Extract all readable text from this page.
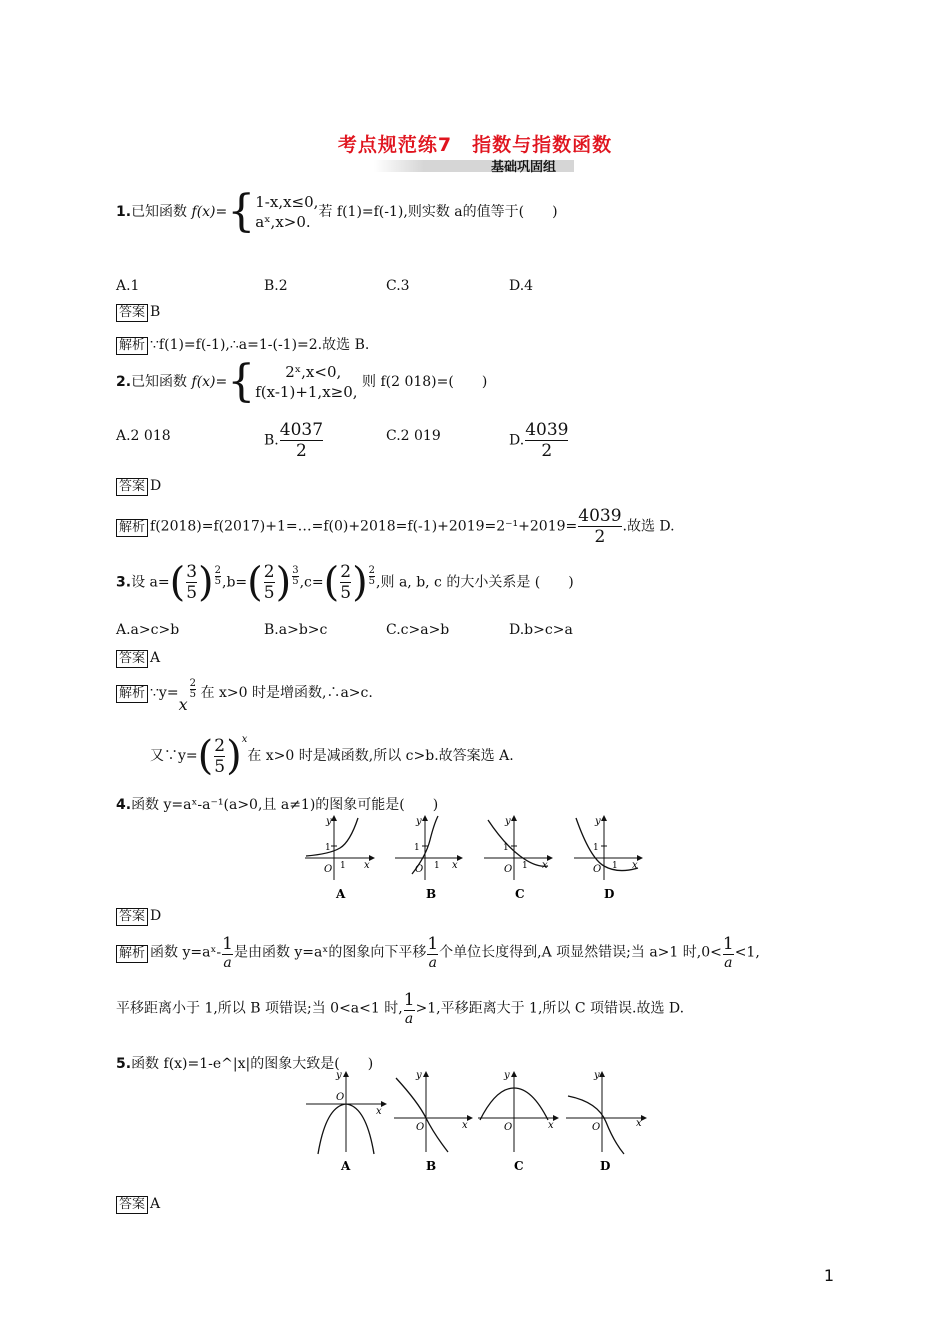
考点规范练7　指数与指数函数
基础巩固组
1.已知函数 f(x)={ 1-x,x≤0,
aˣ,x>0.
若 f(1)=f(-1),则实数 a的值等于(　　)
A.1	B.2	C.3	D.4
答案 B
解析 ∵f(1)=f(-1),∴a=1-(-1)=2.故选 B.
2.已知函数 f(x)={	2ˣ,x<0,
f(x-1)+1,x≥0,
则 f(2 018)=(　　)
A.2 018	B. $\frac{4037}{2}$	C.2 019	D. $\frac{4039}{2}$
答案 D
解析 f(2018)=f(2017)+1=…=f(0)+2018=f(-1)+2019=2⁻¹+2019= $\frac{4039}{2}$ .故选 D.
3.设 $a=( \frac{3}{5}$ ) $\frac{2}{5} ,b=( \frac{2}{5}$ ) $\frac{3}{5} ,c=( \frac{2}{5}$ ) $\frac{2}{5}$ ,则 a, b, c 的大小关系是 (　　)
A.a>c>b	B.a>b>c	C.c>a>b	D.b>c>a
答案 A
解析 ∵y= $\frac{2}{5}$
x
在 x>0 时是增函数,∴a>c.
又∵y=( $\frac{2}{5} )^x$在 x>0 时是减函数,所以 c>b.故答案选 A.
4.函数 y=aˣ-a⁻¹(a>0,且 a≠1)的图象可能是(　　)
1
O 1 x
y
A
1
O 1 x
y
B
1
O 1 x
y
C
1
O 1 x
y
D
答案 D
解析 函数 y=aˣ- $\frac{1}{a}$是由函数 y=aˣ的图象向下平移 $\frac{1}{a}$个单位长度得到,A 项显然错误;当 a>1 时$,0< \frac{1}{a}<1$,
平移距离小于 1,所以 B 项错误;当 0<a<1 时, $\frac{1}{a}>1$,平移距离大于 1,所以 C 项错误.故选 D.
5.函数 f(x)=1-e^|x|的图象大致是(　　)
O
x
y
A
O	x
y
B
O	x
y
C
O	x
y
D
答案 A
1
